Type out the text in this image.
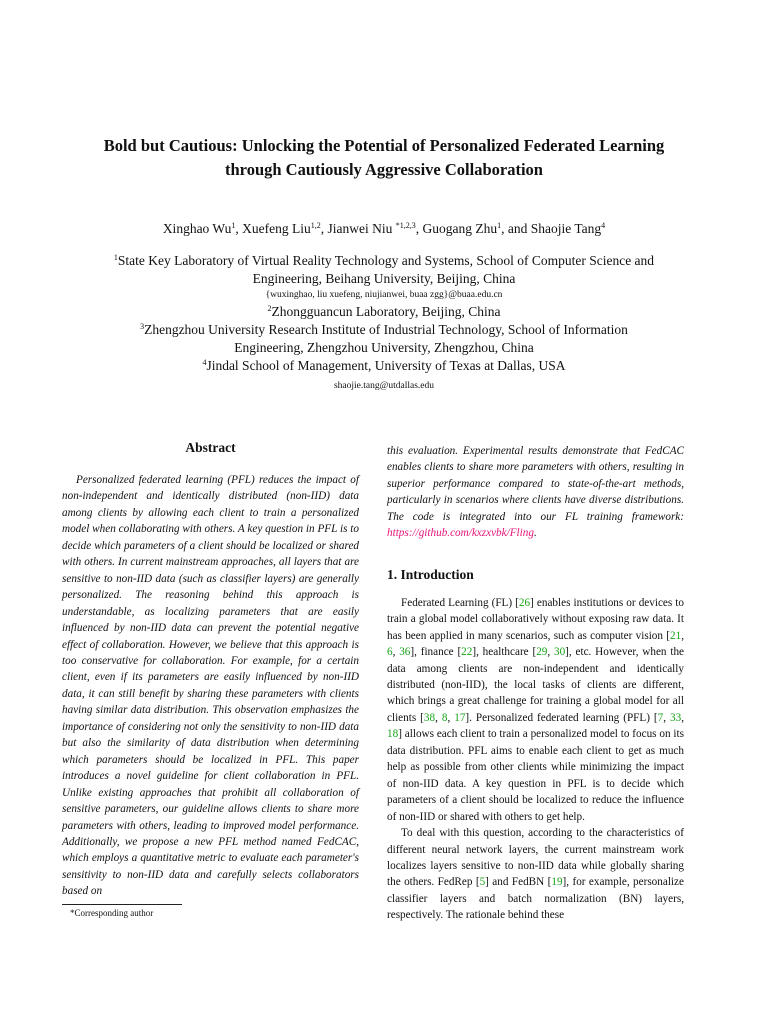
Bold but Cautious: Unlocking the Potential of Personalized Federated Learning
through Cautiously Aggressive Collaboration
Xinghao Wu$^1$, Xuefeng Liu$^{1,2}$, Jianwei Niu $^{*1,2,3}$, Guogang Zhu$^1$, and Shaojie Tang$^4$
$^1$State Key Laboratory of Virtual Reality Technology and Systems, School of Computer Science and
Engineering, Beihang University, Beijing, China
{wuxinghao, liu xuefeng, niujianwei, buaa zgg}@buaa.edu.cn
$^2$Zhongguancun Laboratory, Beijing, China
$^3$Zhengzhou University Research Institute of Industrial Technology, School of Information
Engineering, Zhengzhou University, Zhengzhou, China
$^4$Jindal School of Management, University of Texas at Dallas, USA
shaojie.tang@utdallas.edu
Abstract

Personalized federated learning (PFL) reduces the impact of non-independent and identically distributed (non-IID) data among clients by allowing each client to train a personalized model when collaborating with others. A key question in PFL is to decide which parameters of a client should be localized or shared with others. In current mainstream approaches, all layers that are sensitive to non-IID data (such as classifier layers) are generally personalized. The reasoning behind this approach is understandable, as localizing parameters that are easily influenced by non-IID data can prevent the potential negative effect of collaboration. However, we believe that this approach is too conservative for collaboration. For example, for a certain client, even if its parameters are easily influenced by non-IID data, it can still benefit by sharing these parameters with clients having similar data distribution. This observation emphasizes the importance of considering not only the sensitivity to non-IID data but also the similarity of data distribution when determining which parameters should be localized in PFL. This paper introduces a novel guideline for client collaboration in PFL. Unlike existing approaches that prohibit all collaboration of sensitive parameters, our guideline allows clients to share more parameters with others, leading to improved model performance. Additionally, we propose a new PFL method named FedCAC, which employs a quantitative metric to evaluate each parameter's sensitivity to non-IID data and carefully selects collaborators based on

this evaluation. Experimental results demonstrate that FedCAC enables clients to share more parameters with others, resulting in superior performance compared to state-of-the-art methods, particularly in scenarios where clients have diverse distributions. The code is integrated into our FL training framework: https://github.com/kxzxvbk/Fling.

1. Introduction

Federated Learning (FL) [26] enables institutions or devices to train a global model collaboratively without exposing raw data. It has been applied in many scenarios, such as computer vision [21, 6, 36], finance [22], healthcare [29, 30], etc. However, when the data among clients are non-independent and identically distributed (non-IID), the local tasks of clients are different, which brings a great challenge for training a global model for all clients [38, 8, 17]. Personalized federated learning (PFL) [7, 33, 18] allows each client to train a personalized model to focus on its data distribution. PFL aims to enable each client to get as much help as possible from other clients while minimizing the impact of non-IID data. A key question in PFL is to decide which parameters of a client should be localized to reduce the influence of non-IID or shared with others to get help.

To deal with this question, according to the characteristics of different neural network layers, the current mainstream work localizes layers sensitive to non-IID data while globally sharing the others. FedRep [5] and FedBN [19], for example, personalize classifier layers and batch normalization (BN) layers, respectively. The rationale behind these

*Corresponding author
